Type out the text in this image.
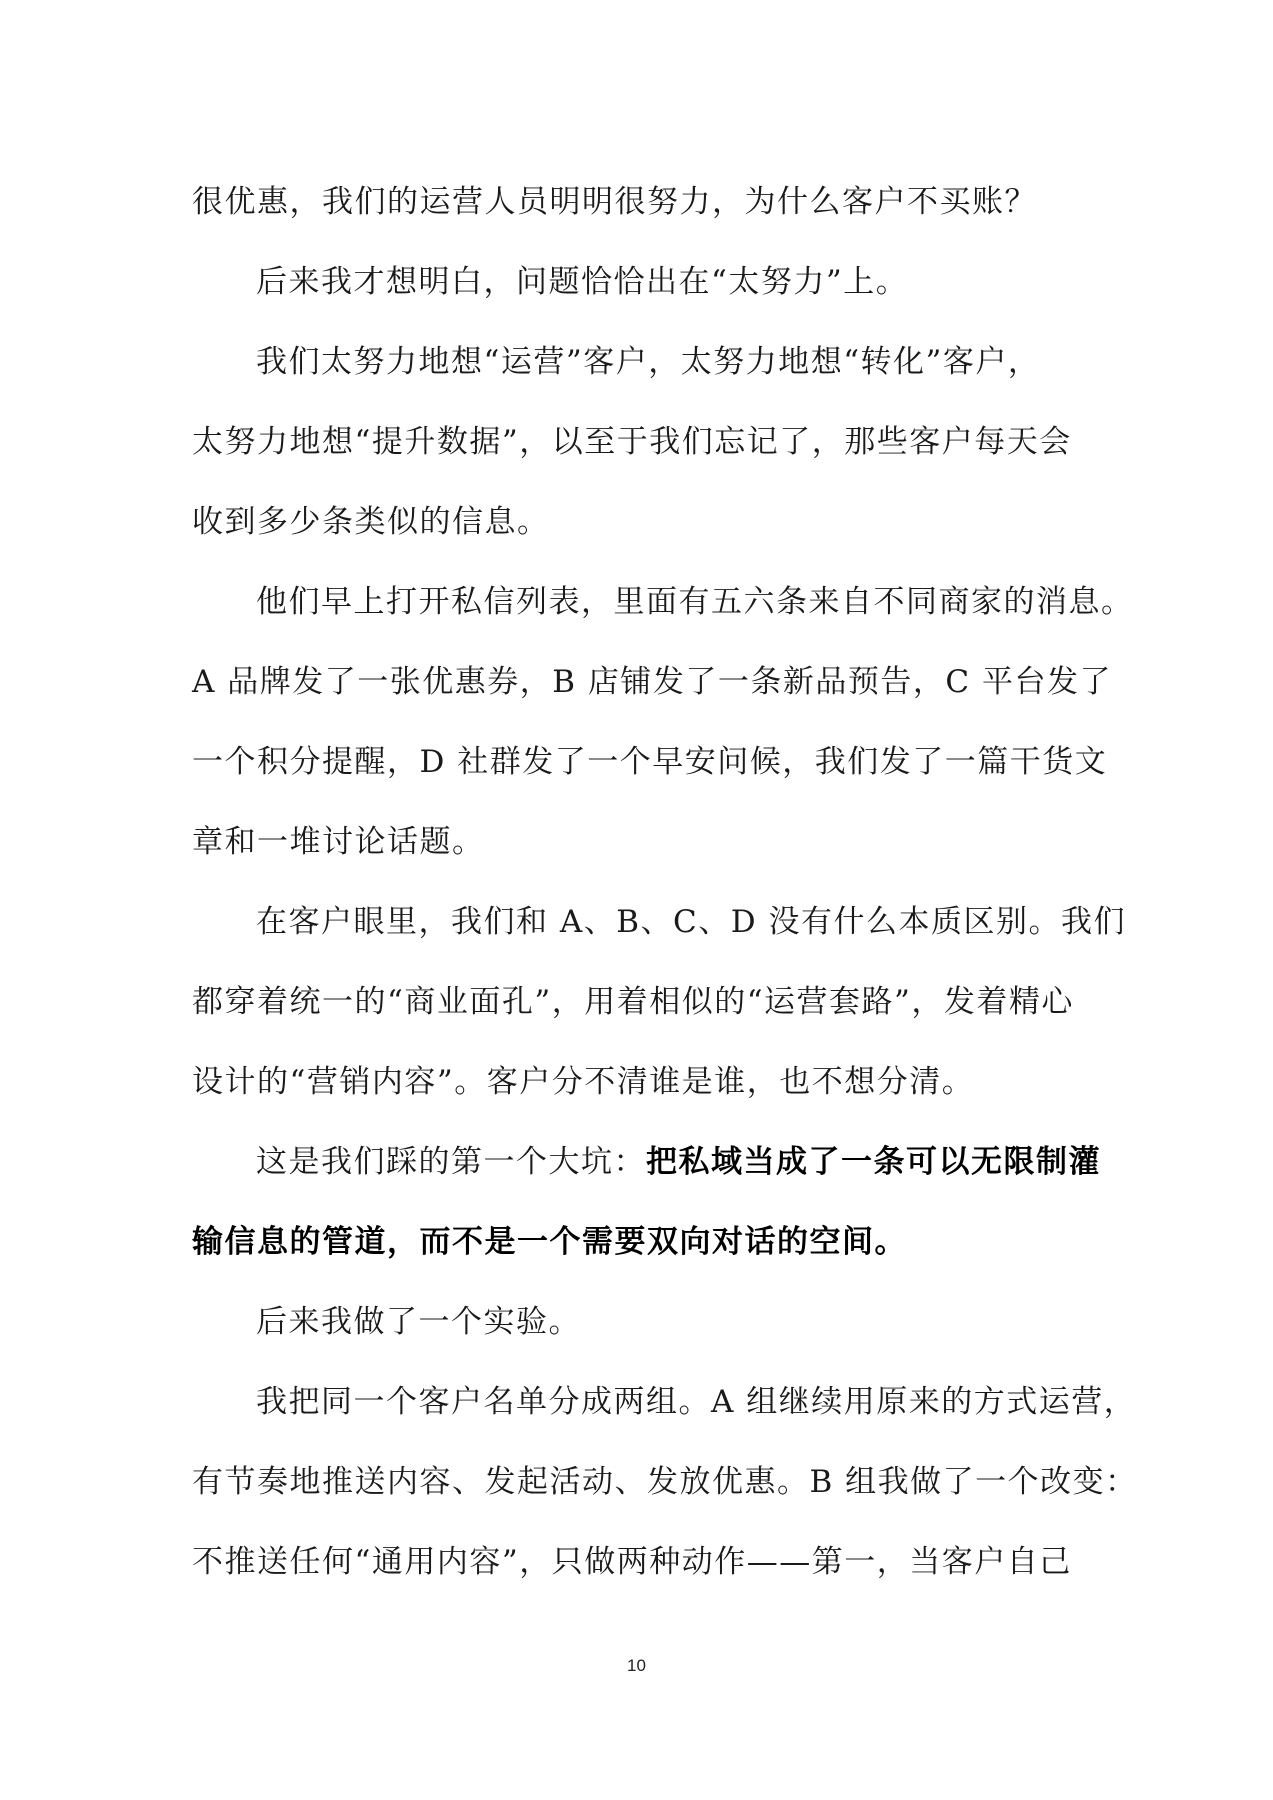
很优惠，我们的运营人员明明很努力，为什么客户不买账？
后来我才想明白，问题恰恰出在“太努力”上。
我们太努力地想“运营”客户，太努力地想“转化”客户，
太努力地想“提升数据”，以至于我们忘记了，那些客户每天会
收到多少条类似的信息。
他们早上打开私信列表，里面有五六条来自不同商家的消息。
A 品牌发了一张优惠券，B 店铺发了一条新品预告，C 平台发了
一个积分提醒，D 社群发了一个早安问候，我们发了一篇干货文
章和一堆讨论话题。
在客户眼里，我们和 A、B、C、D 没有什么本质区别。我们
都穿着统一的“商业面孔”，用着相似的“运营套路”，发着精心
设计的“营销内容”。客户分不清谁是谁，也不想分清。
这是我们踩的第一个大坑：把私域当成了一条可以无限制灌
输信息的管道，而不是一个需要双向对话的空间。
后来我做了一个实验。
我把同一个客户名单分成两组。A 组继续用原来的方式运营，
有节奏地推送内容、发起活动、发放优惠。B 组我做了一个改变：
不推送任何“通用内容”，只做两种动作——第一，当客户自己
10
